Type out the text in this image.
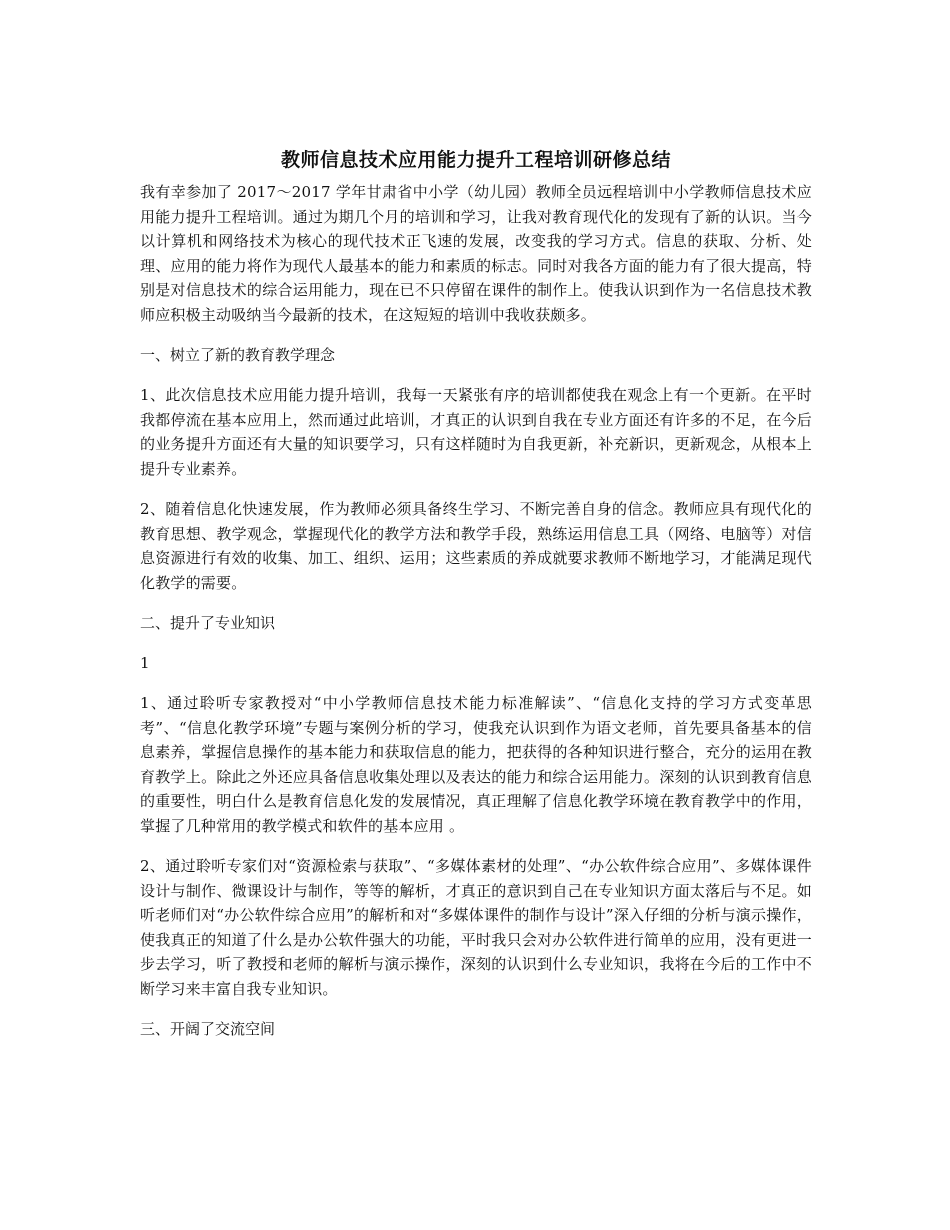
教师信息技术应用能力提升工程培训研修总结

我有幸参加了 2017～2017 学年甘肃省中小学（幼儿园）教师全员远程培训中小学教师信息技术应用能力提升工程培训。通过为期几个月的培训和学习，让我对教育现代化的发现有了新的认识。当今以计算机和网络技术为核心的现代技术正飞速的发展，改变我的学习方式。信息的获取、分析、处理、应用的能力将作为现代人最基本的能力和素质的标志。同时对我各方面的能力有了很大提高，特别是对信息技术的综合运用能力，现在已不只停留在课件的制作上。使我认识到作为一名信息技术教师应积极主动吸纳当今最新的技术，在这短短的培训中我收获颇多。

一、树立了新的教育教学理念

1、此次信息技术应用能力提升培训，我每一天紧张有序的培训都使我在观念上有一个更新。在平时我都停流在基本应用上，然而通过此培训，才真正的认识到自我在专业方面还有许多的不足，在今后的业务提升方面还有大量的知识要学习，只有这样随时为自我更新，补充新识，更新观念，从根本上提升专业素养。

2、随着信息化快速发展，作为教师必须具备终生学习、不断完善自身的信念。教师应具有现代化的教育思想、教学观念，掌握现代化的教学方法和教学手段，熟练运用信息工具（网络、电脑等）对信息资源进行有效的收集、加工、组织、运用；这些素质的养成就要求教师不断地学习，才能满足现代化教学的需要。

二、提升了专业知识

1

1、通过聆听专家教授对“中小学教师信息技术能力标准解读”、“信息化支持的学习方式变革思考”、“信息化教学环境”专题与案例分析的学习，使我充认识到作为语文老师，首先要具备基本的信息素养，掌握信息操作的基本能力和获取信息的能力，把获得的各种知识进行整合，充分的运用在教育教学上。除此之外还应具备信息收集处理以及表达的能力和综合运用能力。深刻的认识到教育信息的重要性，明白什么是教育信息化发的发展情况，真正理解了信息化教学环境在教育教学中的作用，掌握了几种常用的教学模式和软件的基本应用 。

2、通过聆听专家们对“资源检索与获取”、“多媒体素材的处理”、“办公软件综合应用”、多媒体课件设计与制作、微课设计与制作，等等的解析，才真正的意识到自己在专业知识方面太落后与不足。如听老师们对“办公软件综合应用”的解析和对“多媒体课件的制作与设计”深入仔细的分析与演示操作，使我真正的知道了什么是办公软件强大的功能，平时我只会对办公软件进行简单的应用，没有更进一步去学习，听了教授和老师的解析与演示操作，深刻的认识到什么专业知识，我将在今后的工作中不断学习来丰富自我专业知识。

三、开阔了交流空间
